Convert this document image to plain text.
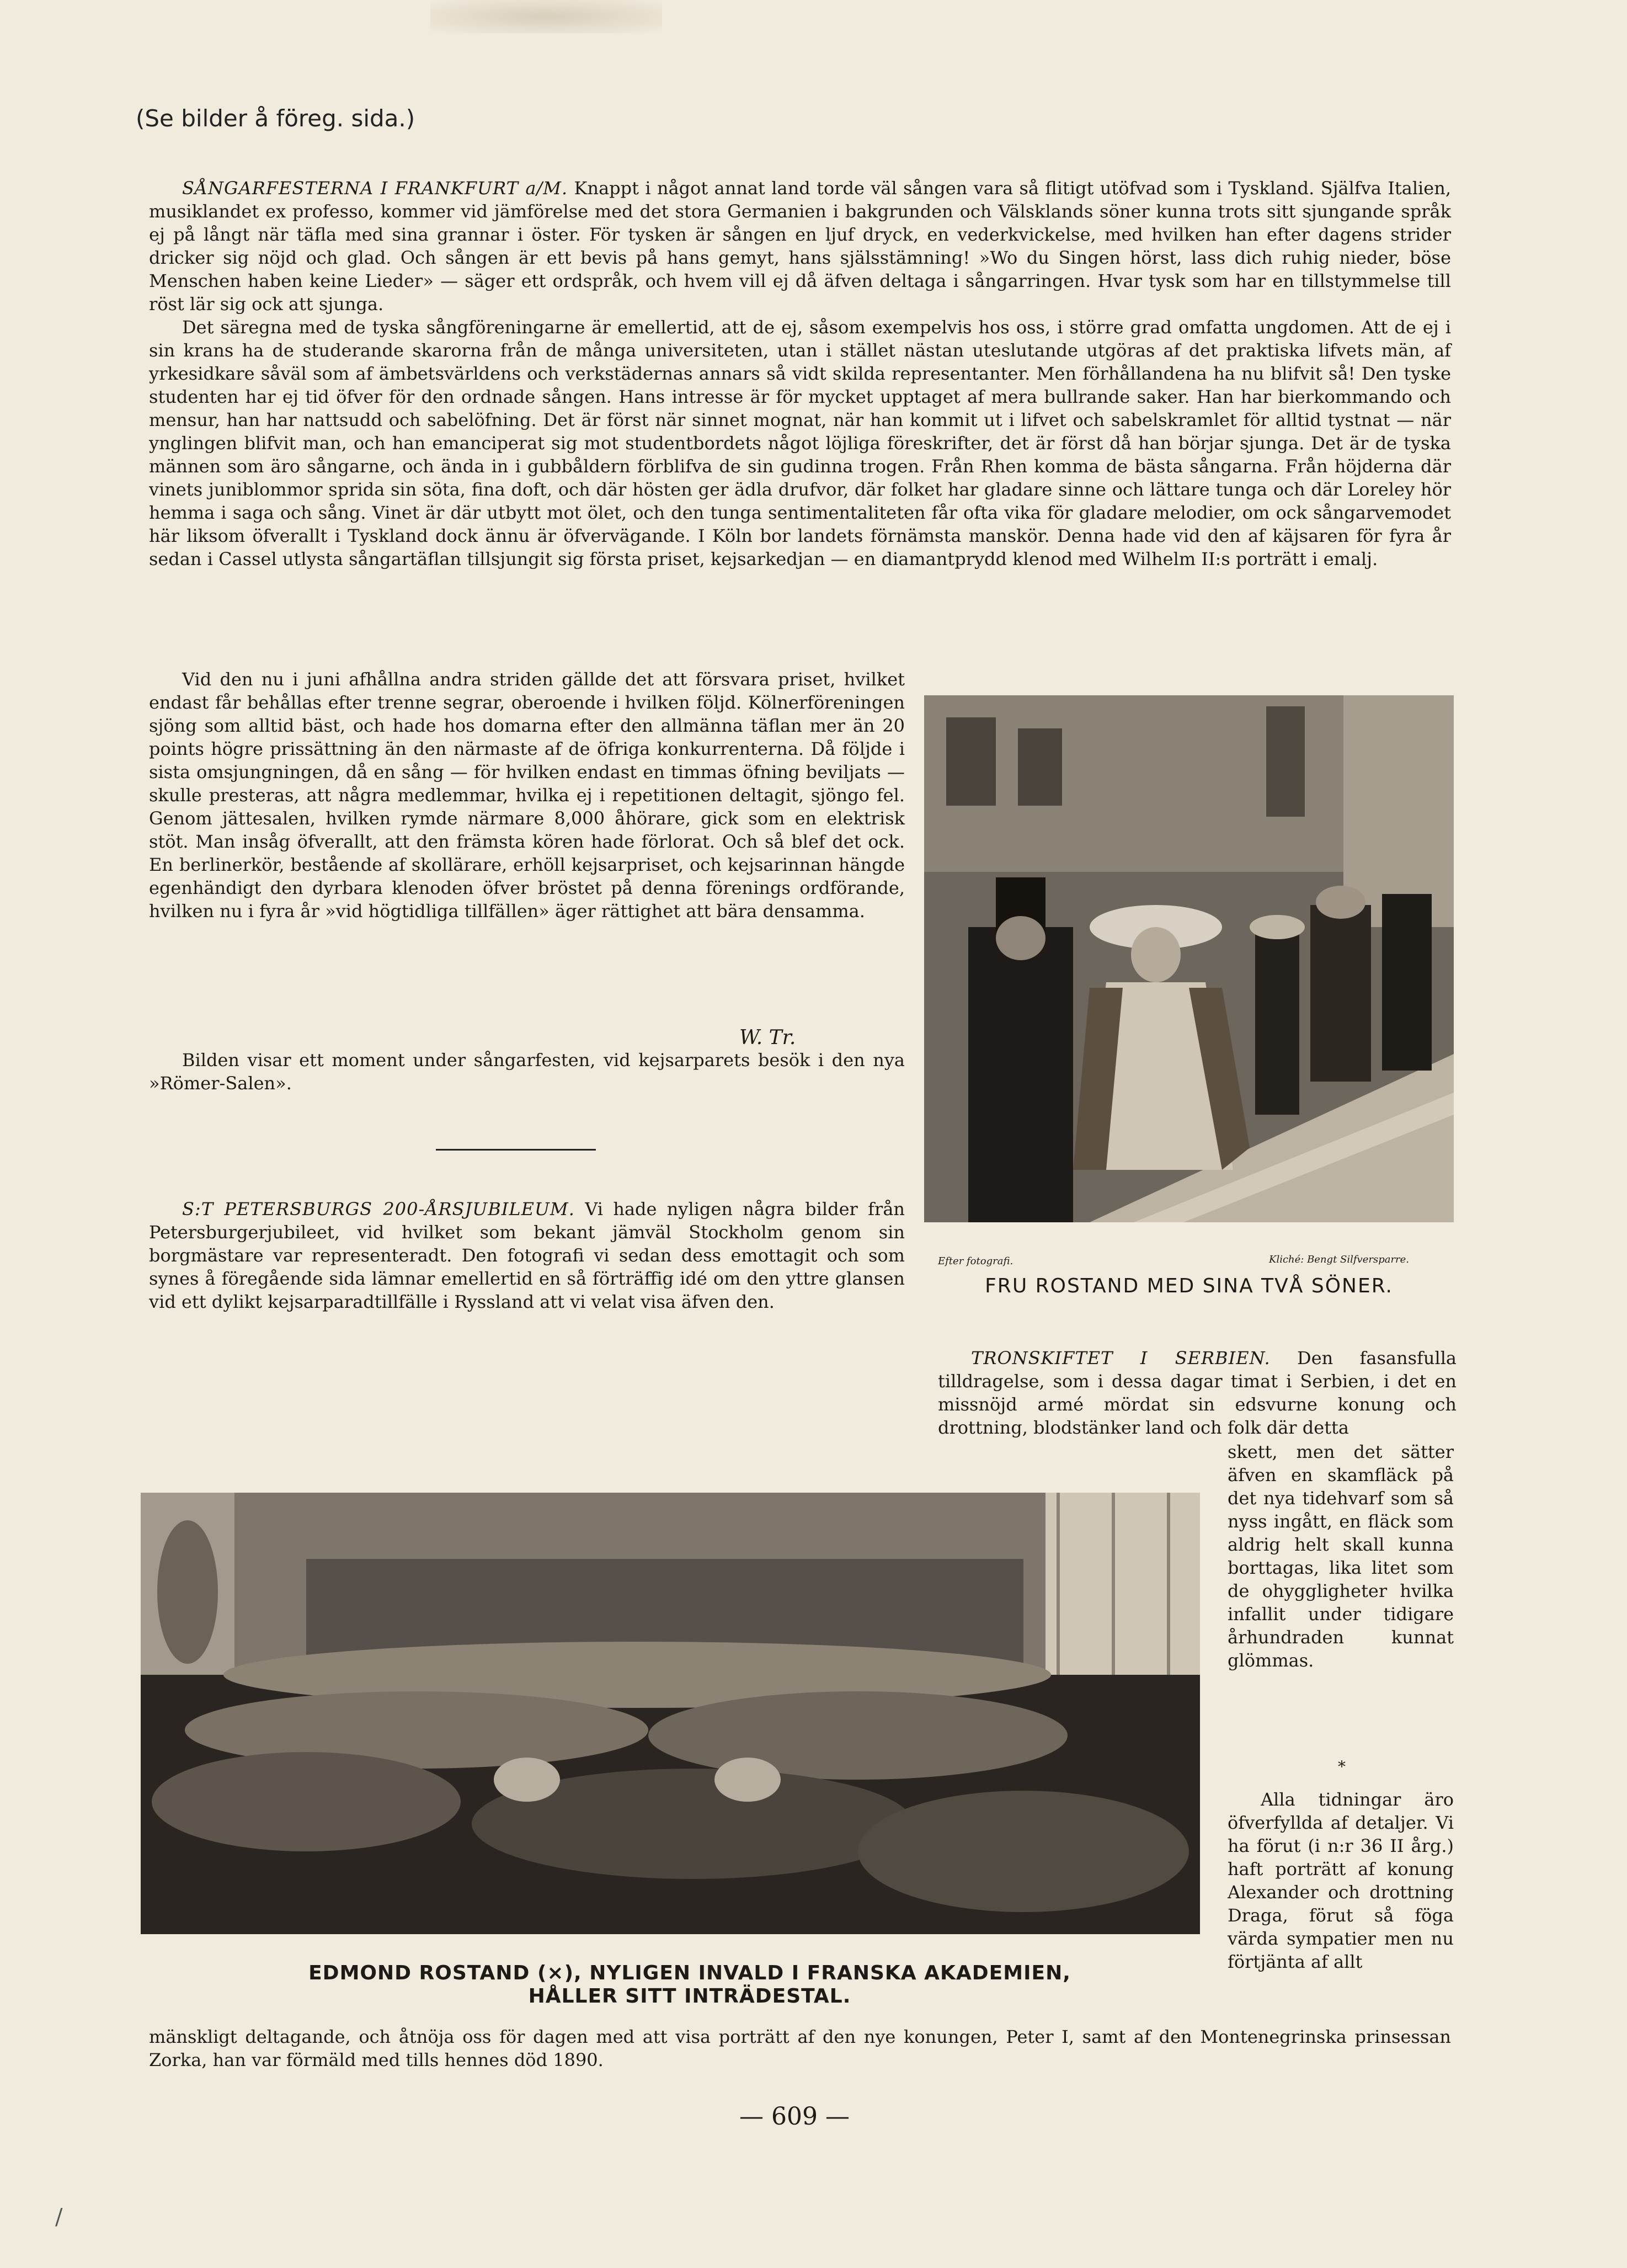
(Se bilder å föreg. sida.)

SÅNGARFESTERNA I FRANKFURT a/M. Knappt i något annat land torde väl sången vara så flitigt utöfvad som i Tyskland. Själfva Italien, musiklandet ex professo, kommer vid jämförelse med det stora Germanien i bakgrunden och Välsklands söner kunna trots sitt sjungande språk ej på långt när täfla med sina grannar i öster. För tysken är sången en ljuf dryck, en vederkvickelse, med hvilken han efter dagens strider dricker sig nöjd och glad. Och sången är ett bevis på hans gemyt, hans själsstämning! »Wo du Singen hörst, lass dich ruhig nieder, böse Menschen haben keine Lieder» — säger ett ordspråk, och hvem vill ej då äfven deltaga i sångarringen. Hvar tysk som har en tillstymmelse till röst lär sig ock att sjunga.

Det säregna med de tyska sångföreningarne är emellertid, att de ej, såsom exempelvis hos oss, i större grad omfatta ungdomen. Att de ej i sin krans ha de studerande skarorna från de många universiteten, utan i stället nästan uteslutande utgöras af det praktiska lifvets män, af yrkesidkare såväl som af ämbetsvärldens och verkstädernas annars så vidt skilda representanter. Men förhållandena ha nu blifvit så! Den tyske studenten har ej tid öfver för den ordnade sången. Hans intresse är för mycket upptaget af mera bullrande saker. Han har bierkommando och mensur, han har nattsudd och sabelöfning. Det är först när sinnet mognat, när han kommit ut i lifvet och sabelskramlet för alltid tystnat — när ynglingen blifvit man, och han emanciperat sig mot studentbordets något löjliga föreskrifter, det är först då han börjar sjunga. Det är de tyska männen som äro sångarne, och ända in i gubbåldern förblifva de sin gudinna trogen. Från Rhen komma de bästa sångarna. Från höjderna där vinets juniblommor sprida sin söta, fina doft, och där hösten ger ädla drufvor, där folket har gladare sinne och lättare tunga och där Loreley hör hemma i saga och sång. Vinet är där utbytt mot ölet, och den tunga sentimentaliteten får ofta vika för gladare melodier, om ock sångarvemodet här liksom öfverallt i Tyskland dock ännu är öfvervägande. I Köln bor landets förnämsta manskör. Denna hade vid den af käjsaren för fyra år sedan i Cassel utlysta sångartäflan tillsjungit sig första priset, kejsarkedjan — en diamantprydd klenod med Wilhelm II:s porträtt i emalj.

Vid den nu i juni afhållna andra striden gällde det att försvara priset, hvilket endast får behållas efter trenne segrar, oberoende i hvilken följd. Kölnerföreningen sjöng som alltid bäst, och hade hos domarna efter den allmänna täflan mer än 20 points högre prissättning än den närmaste af de öfriga konkurrenterna. Då följde i sista omsjungningen, då en sång — för hvilken endast en timmas öfning beviljats — skulle presteras, att några medlemmar, hvilka ej i repetitionen deltagit, sjöngo fel. Genom jättesalen, hvilken rymde närmare 8,000 åhörare, gick som en elektrisk stöt. Man insåg öfverallt, att den främsta kören hade förlorat. Och så blef det ock. En berlinerkör, bestående af skollärare, erhöll kejsarpriset, och kejsarinnan hängde egenhändigt den dyrbara klenoden öfver bröstet på denna förenings ordförande, hvilken nu i fyra år »vid högtidliga tillfällen» äger rättighet att bära densamma.

W. Tr.

Bilden visar ett moment under sångarfesten, vid kejsarparets besök i den nya »Römer-Salen».

S:T PETERSBURGS 200-ÅRSJUBILEUM. Vi hade nyligen några bilder från Petersburgerjubileet, vid hvilket som bekant jämväl Stockholm genom sin borgmästare var representeradt. Den fotografi vi sedan dess emottagit och som synes å föregående sida lämnar emellertid en så förträffig idé om den yttre glansen vid ett dylikt kejsarparadtillfälle i Ryssland att vi velat visa äfven den.

Efter fotografi.	Kliché: Bengt Silfversparre.
FRU ROSTAND MED SINA TVÅ SÖNER.

TRONSKIFTET I SERBIEN. Den fasansfulla tilldragelse, som i dessa dagar timat i Serbien, i det en missnöjd armé mördat sin edsvurne konung och drottning, blodstänker land och folk där detta

skett, men det sätter äfven en skamfläck på det nya tidehvarf som så nyss ingått, en fläck som aldrig helt skall kunna borttagas, lika litet som de ohyggligheter hvilka infallit under tidigare århundraden kunnat glömmas.

*

Alla tidningar äro öfverfyllda af detaljer. Vi ha förut (i n:r 36 II årg.) haft porträtt af konung Alexander och drottning Draga, förut så föga värda sympatier men nu förtjänta af allt

EDMOND ROSTAND (×), NYLIGEN INVALD I FRANSKA AKADEMIEN,
HÅLLER SITT INTRÄDESTAL.

mänskligt deltagande, och åtnöja oss för dagen med att visa porträtt af den nye konungen, Peter I, samt af den Montenegrinska prinsessan Zorka, han var förmäld med tills hennes död 1890.

— 609 —
/
